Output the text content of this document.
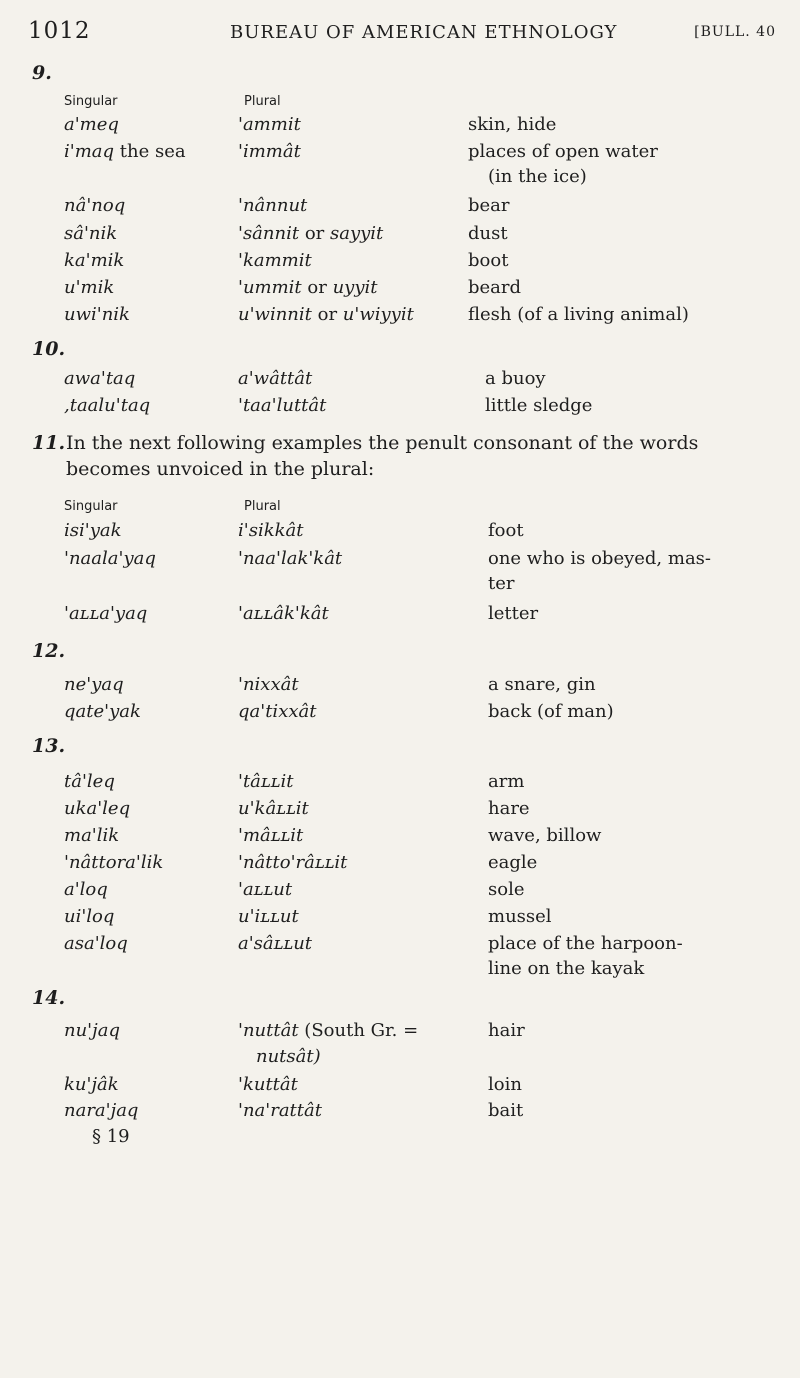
1012	BUREAU OF AMERICAN ETHNOLOGY	[BULL. 40
9.
Singular	Plural
a'meq	'ammit	skin, hide
i'maq the sea	'immât	places of open water
(in the ice)
nâ'noq	'nânnut	bear
sâ'nik	'sânnit or sayyit	dust
ka'mik	'kammit	boot
u'mik	'ummit or uyyit	beard
uwi'nik	u'winnit or u'wiyyit	flesh (of a living animal)
10.
awa'taq	a'wâttât	a buoy
,taalu'taq	'taa'luttât	little sledge
11. In the next following examples the penult consonant of the words
becomes unvoiced in the plural:
Singular	Plural
isi'yak	i'sikkât	foot
'naala'yaq	'naa'lak'kât	one who is obeyed, mas-
ter
'aʟʟa'yaq	'aʟʟâk'kât	letter
12.
ne'yaq	'nixxât	a snare, gin
qate'yak	qa'tixxât	back (of man)
13.
tâ'leq	'tâʟʟit	arm
uka'leq	u'kâʟʟit	hare
ma'lik	'mâʟʟit	wave, billow
'nâttora'lik	'nâtto'râʟʟit	eagle
a'loq	'aʟʟut	sole
ui'loq	u'iʟʟut	mussel
asa'loq	a'sâʟʟut	place of the harpoon-
line on the kayak
14.
nu'jaq	'nuttât (South Gr. =	hair
nutsât)
ku'jâk	'kuttât	loin
nara'jaq	'na'rattât	bait
§ 19
